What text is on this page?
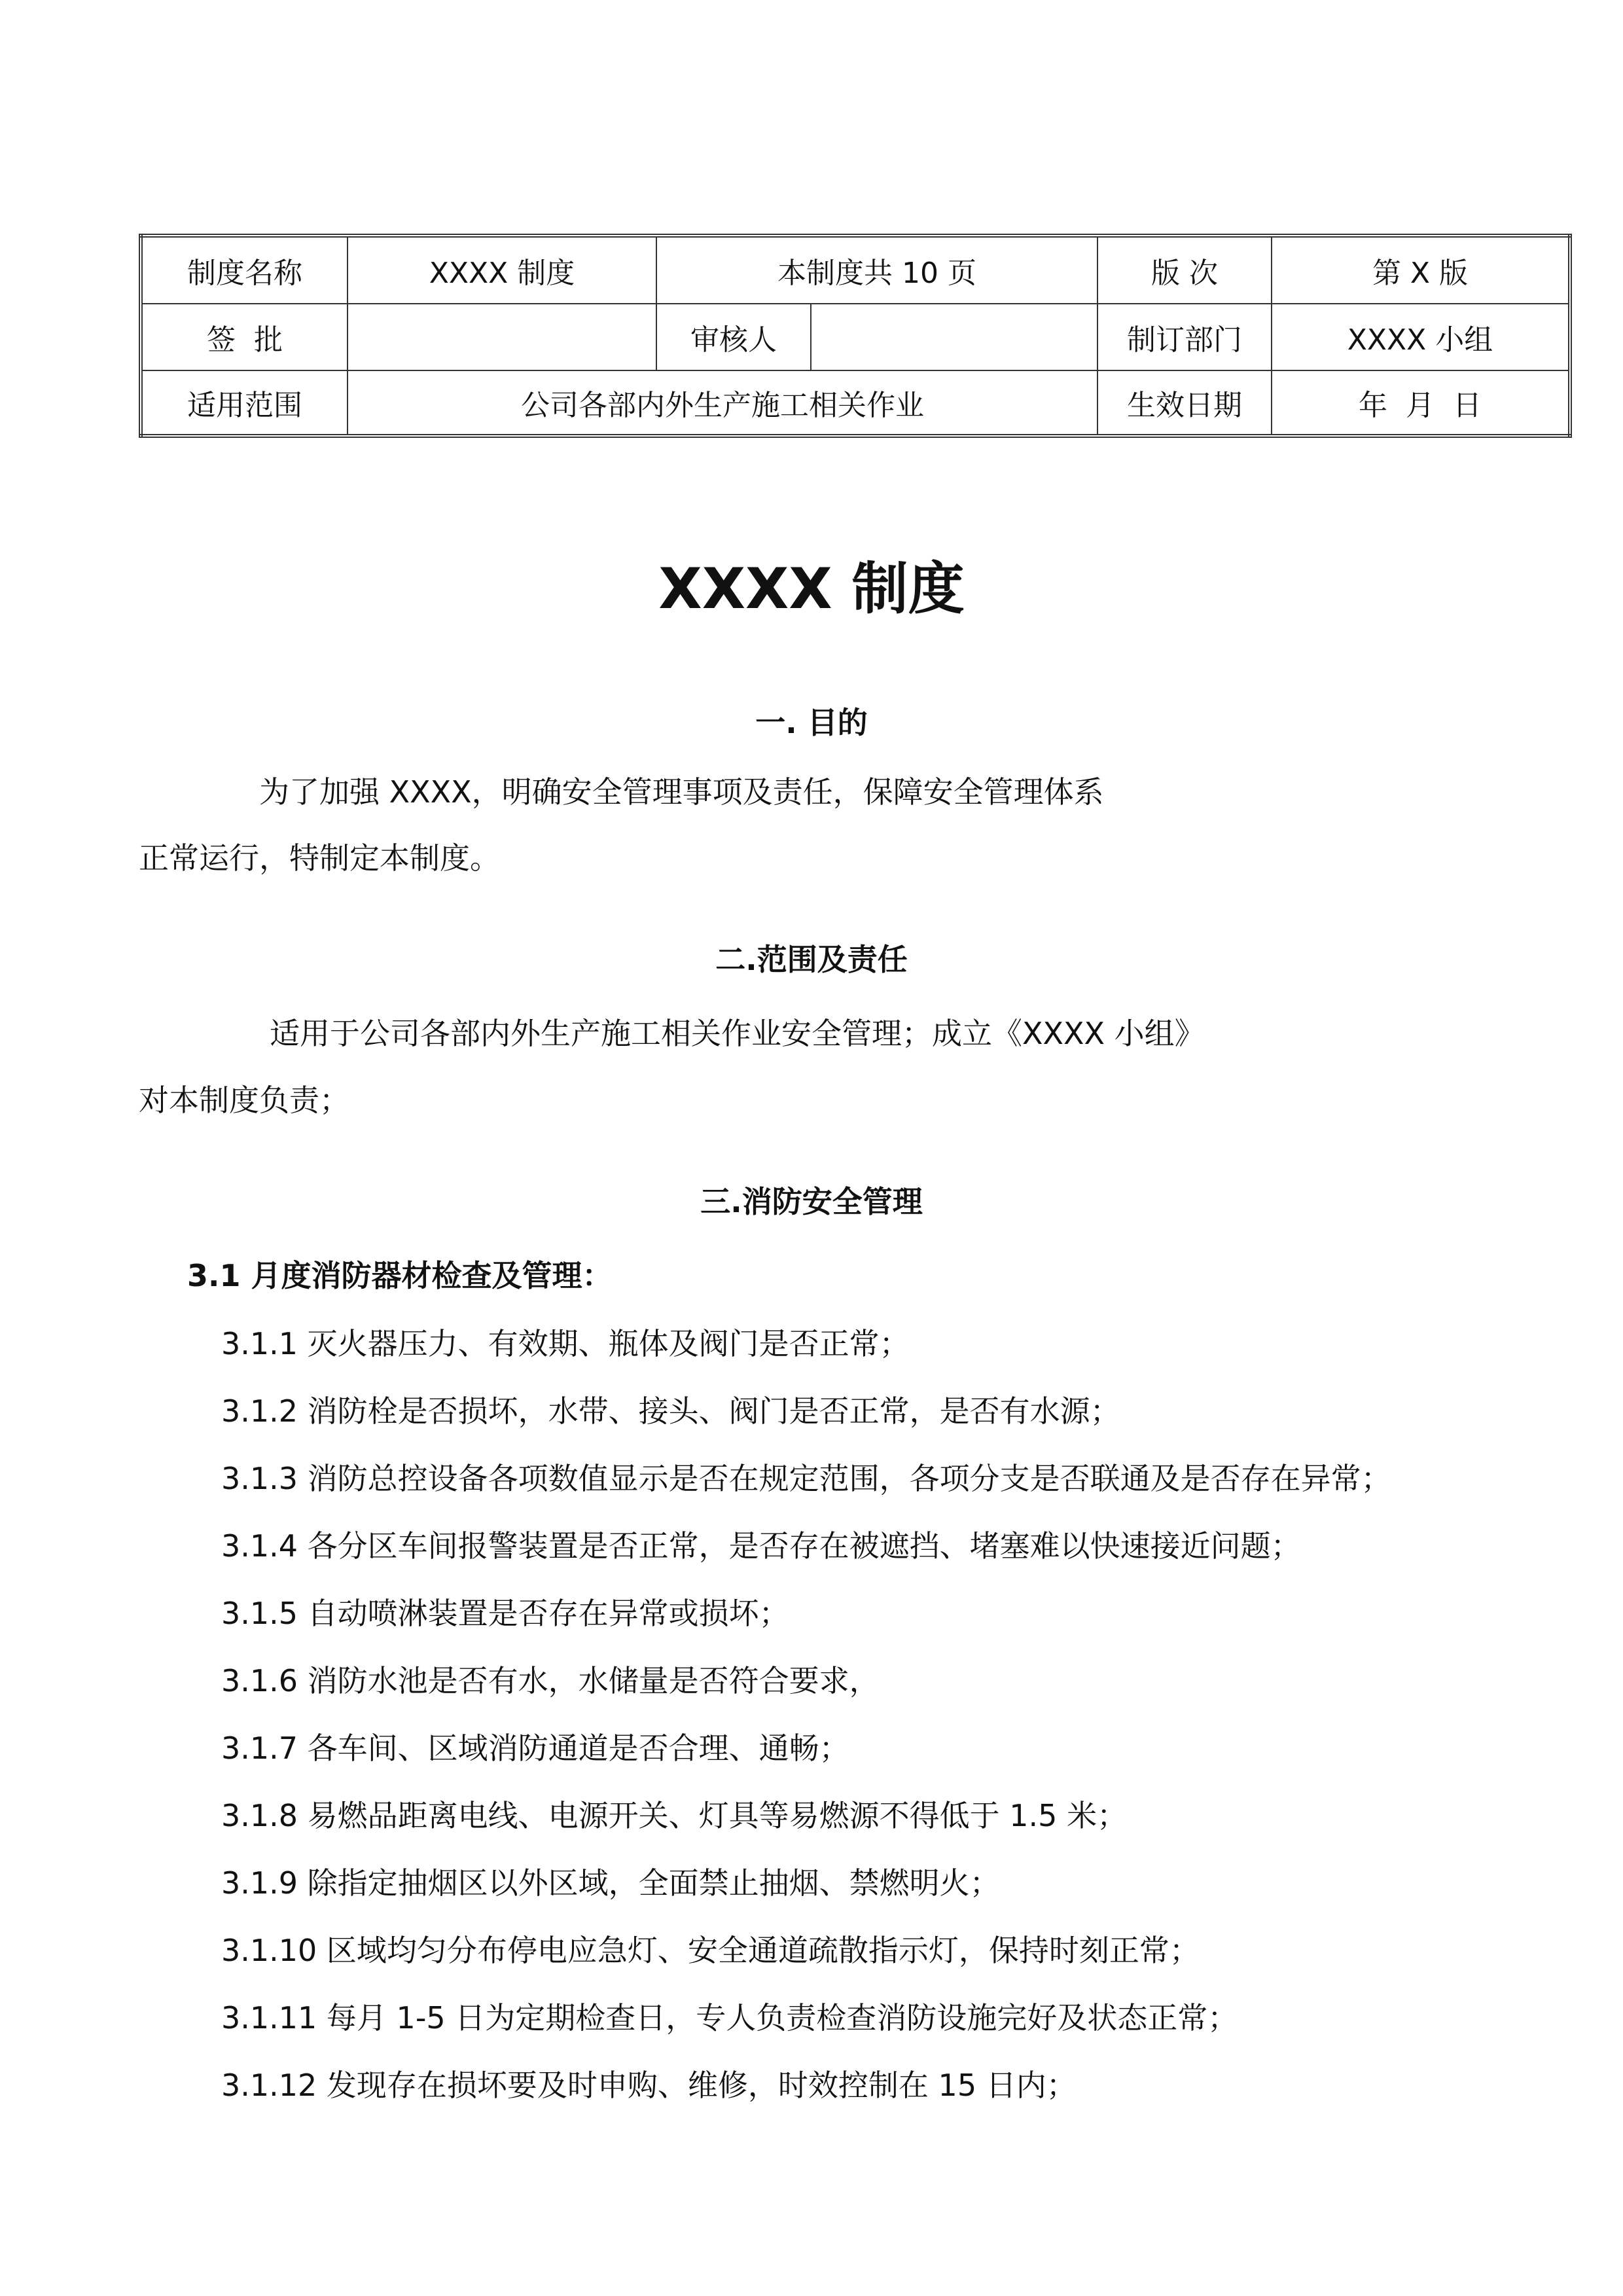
制度名称	XXXX 制度	本制度共 10 页		版 次	第 X 版
签  批		审核人		制订部门	XXXX 小组
适用范围	公司各部内外生产施工相关作业			生效日期	年  月  日
XXXX 制度
一. 目的

为了加强 XXXX，明确安全管理事项及责任，保障安全管理体系

正常运行，特制定本制度。

二.范围及责任

适用于公司各部内外生产施工相关作业安全管理；成立《XXXX 小组》

对本制度负责；

三.消防安全管理

3.1 月度消防器材检查及管理：

3.1.1 灭火器压力、有效期、瓶体及阀门是否正常；

3.1.2 消防栓是否损坏，水带、接头、阀门是否正常，是否有水源；

3.1.3 消防总控设备各项数值显示是否在规定范围，各项分支是否联通及是否存在异常；

3.1.4 各分区车间报警装置是否正常，是否存在被遮挡、堵塞难以快速接近问题；

3.1.5 自动喷淋装置是否存在异常或损坏；

3.1.6 消防水池是否有水，水储量是否符合要求，

3.1.7 各车间、区域消防通道是否合理、通畅；

3.1.8 易燃品距离电线、电源开关、灯具等易燃源不得低于 1.5 米；

3.1.9 除指定抽烟区以外区域，全面禁止抽烟、禁燃明火；

3.1.10 区域均匀分布停电应急灯、安全通道疏散指示灯，保持时刻正常；

3.1.11 每月 1-5 日为定期检查日，专人负责检查消防设施完好及状态正常；

3.1.12 发现存在损坏要及时申购、维修，时效控制在 15 日内；
